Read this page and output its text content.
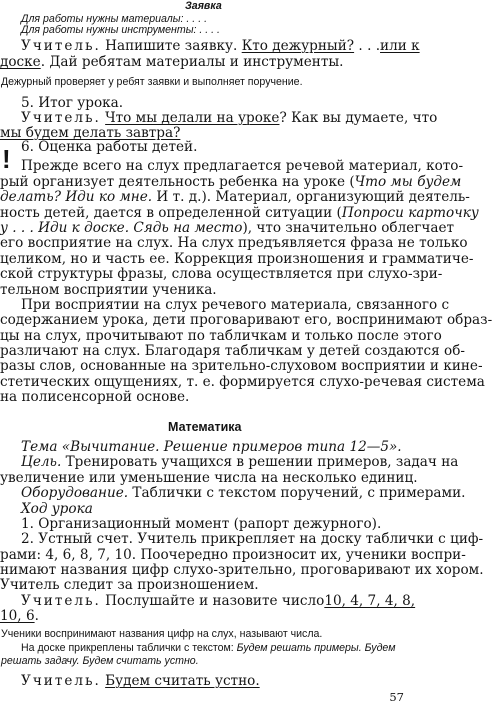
Заявка
Для работы нужны материалы: . . . .
Для работы нужны инструменты: . . . .
Учитель. Напишите заявку. Кто дежурный? . . . или к
доске. Дай ребятам материалы и инструменты.
Дежурный проверяет у ребят заявки и выполняет поручение.
5. Итог урока.
Учитель. Что мы делали на уроке? Как вы думаете, что
мы будем делать завтра?
6. Оценка работы детей.
! Прежде всего на слух предлагается речевой материал, кото-
рый организует деятельность ребенка на уроке (Что мы будем
делать? Иди ко мне. И т. д.). Материал, организующий деятель-
ность детей, дается в определенной ситуации (Попроси карточку
у . . . Иди к доске. Сядь на место), что значительно облегчает
его восприятие на слух. На слух предъявляется фраза не только
целиком, но и часть ее. Коррекция произношения и грамматиче-
ской структуры фразы, слова осуществляется при слухо-зри-
тельном восприятии ученика.
При восприятии на слух речевого материала, связанного с
содержанием урока, дети проговаривают его, воспринимают образ-
цы на слух, прочитывают по табличкам и только после этого
различают на слух. Благодаря табличкам у детей создаются об-
разы слов, основанные на зрительно-слуховом восприятии и кине-
стетических ощущениях, т. е. формируется слухо-речевая система
на полисенсорной основе.
Математика
Тема «Вычитание. Решение примеров типа 12—5».
Цель. Тренировать учащихся в решении примеров, задач на
увеличение или уменьшение числа на несколько единиц.
Оборудование. Таблички с текстом поручений, с примерами.
Ход урока
1. Организационный момент (рапорт дежурного).
2. Устный счет. Учитель прикрепляет на доску таблички с циф-
рами: 4, 6, 8, 7, 10. Поочередно произносит их, ученики воспри-
нимают названия цифр слухо-зрительно, проговаривают их хором.
Учитель следит за произношением.
Учитель. Послушайте и назовите число 10, 4, 7, 4, 8,
10, 6.
Ученики воспринимают названия цифр на слух, называют числа.
На доске прикреплены таблички с текстом: Будем решать примеры. Будем
решать задачу. Будем считать устно.
Учитель. Будем считать устно.
57
